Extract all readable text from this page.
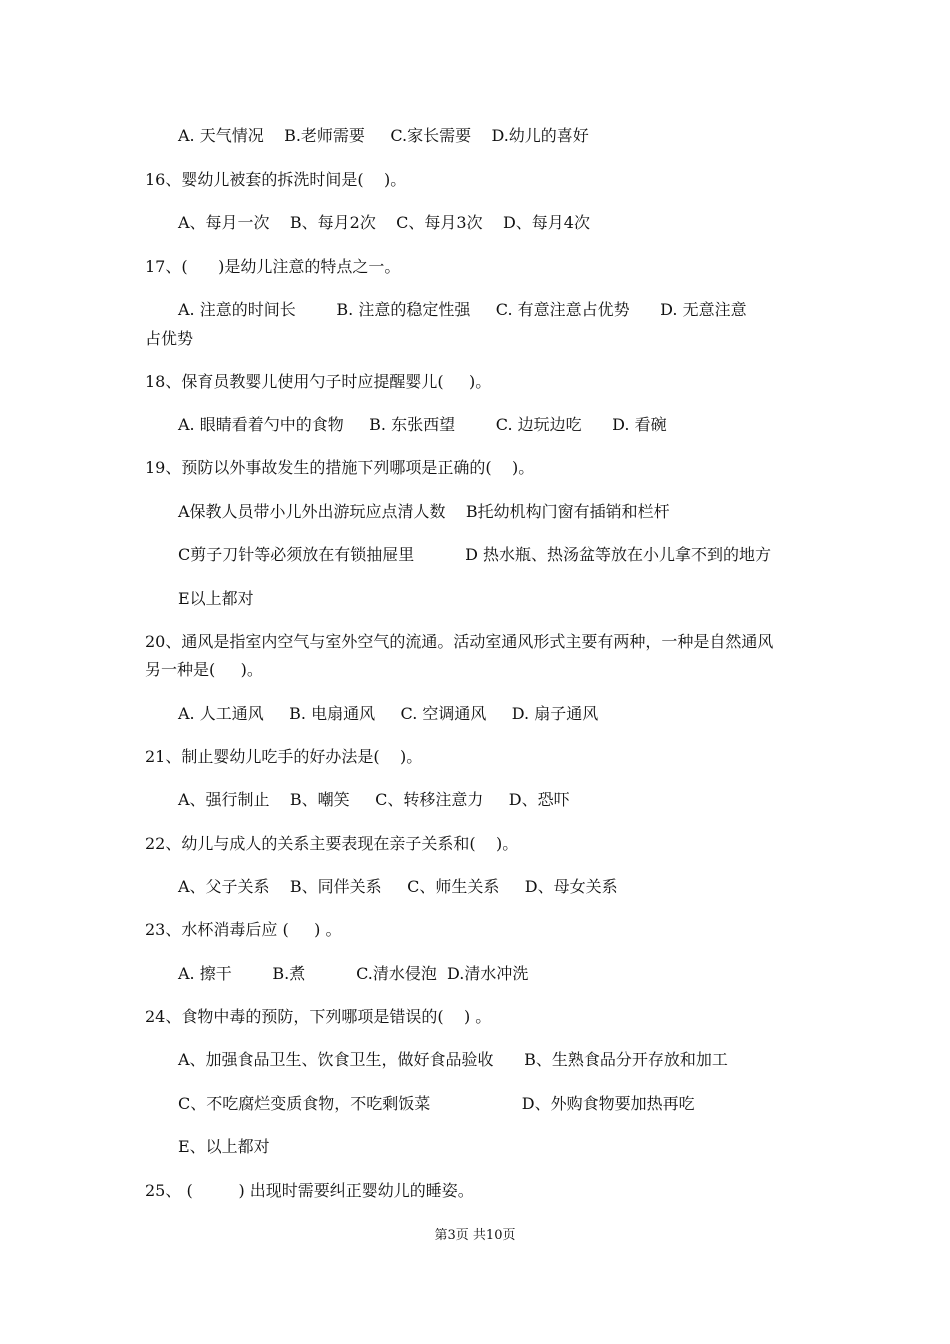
A. 天气情况    B.老师需要     C.家长需要    D.幼儿的喜好
16、婴幼儿被套的拆洗时间是(    )。
A、每月一次    B、每月2次    C、每月3次    D、每月4次
17、(      )是幼儿注意的特点之一。
A. 注意的时间长        B. 注意的稳定性强     C. 有意注意占优势      D. 无意注意
占优势
18、保育员教婴儿使用勺子时应提醒婴儿(     )。
A. 眼睛看着勺中的食物     B. 东张西望        C. 边玩边吃      D. 看碗
19、预防以外事故发生的措施下列哪项是正确的(    )。
A保教人员带小儿外出游玩应点清人数    B托幼机构门窗有插销和栏杆
C剪子刀针等必须放在有锁抽屉里          D 热水瓶、热汤盆等放在小儿拿不到的地方
E以上都对
20、通风是指室内空气与室外空气的流通。活动室通风形式主要有两种，一种是自然通风
另一种是(     )。
A. 人工通风     B. 电扇通风     C. 空调通风     D. 扇子通风
21、制止婴幼儿吃手的好办法是(    )。
A、强行制止    B、嘲笑     C、转移注意力     D、恐吓
22、幼儿与成人的关系主要表现在亲子关系和(    )。
A、父子关系    B、同伴关系     C、师生关系     D、母女关系
23、水杯消毒后应 (     ) 。
A. 擦干        B.煮          C.清水侵泡  D.清水冲洗
24、食物中毒的预防，下列哪项是错误的(    ) 。
A、加强食品卫生、饮食卫生，做好食品验收      B、生熟食品分开存放和加工
C、不吃腐烂变质食物，不吃剩饭菜                  D、外购食物要加热再吃
E、以上都对
25、 (         ) 出现时需要纠正婴幼儿的睡姿。
第3页 共10页
